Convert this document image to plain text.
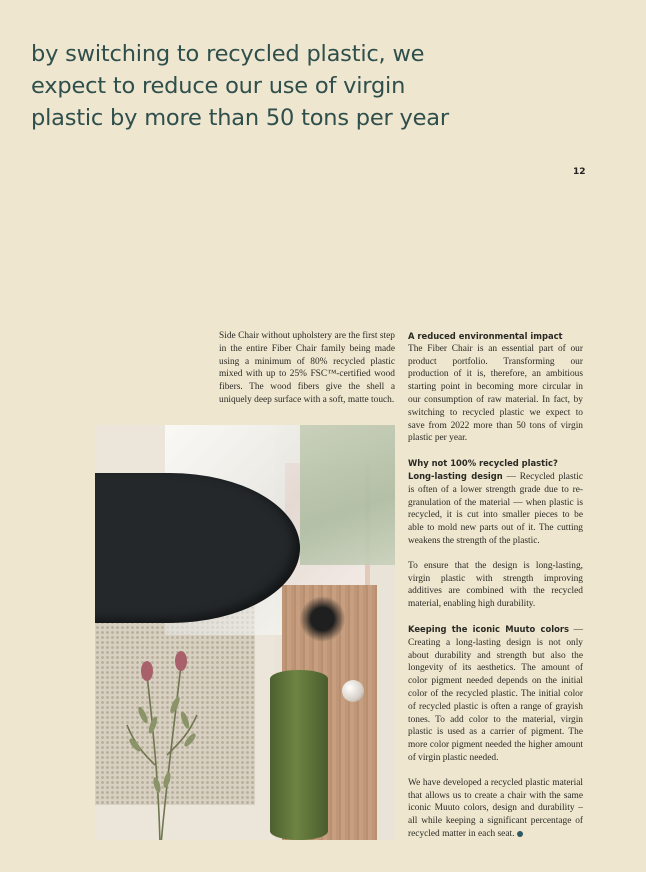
by switching to recycled plastic, we expect to reduce our use of virgin plastic by more than 50 tons per year
12

Side Chair without upholstery are the first step in the entire Fiber Chair family being made using a minimum of 80% recycled plastic mixed with up to 25% FSC™-certified wood fibers. The wood fibers give the shell a uniquely deep surface with a soft, matte touch.

A reduced environmental impact
The Fiber Chair is an essential part of our product portfolio. Transforming our production of it is, therefore, an ambitious starting point in becoming more circular in our consumption of raw material. In fact, by switching to recycled plastic we expect to save from 2022 more than 50 tons of virgin plastic per year.

Why not 100% recycled plastic?
Long-lasting design — Recycled plastic is often of a lower strength grade due to re-granulation of the material — when plastic is recycled, it is cut into smaller pieces to be able to mold new parts out of it. The cutting weakens the strength of the plastic.

To ensure that the design is long-lasting, virgin plastic with strength improving additives are combined with the recycled material, enabling high durability.

Keeping the iconic Muuto colors — Creating a long-lasting design is not only about durability and strength but also the longevity of its aesthetics. The amount of color pigment needed depends on the initial color of the recycled plastic. The initial color of recycled plastic is often a range of grayish tones. To add color to the material, virgin plastic is used as a carrier of pigment. The more color pigment needed the higher amount of virgin plastic needed.

We have developed a recycled plastic material that allows us to create a chair with the same iconic Muuto colors, design and durability – all while keeping a significant percentage of recycled matter in each seat.
